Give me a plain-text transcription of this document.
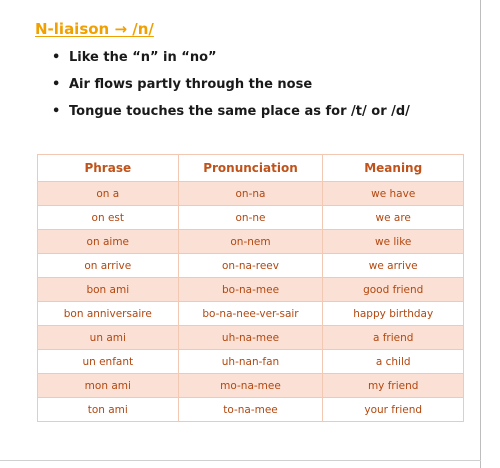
N-liaison → /n/
• Like the “n” in “no”
• Air flows partly through the nose
• Tongue touches the same place as for /t/ or /d/
Phrase	Pronunciation	Meaning
on a	on-na	we have
on est	on-ne	we are
on aime	on-nem	we like
on arrive	on-na-reev	we arrive
bon ami	bo-na-mee	good friend
bon anniversaire	bo-na-nee-ver-sair	happy birthday
un ami	uh-na-mee	a friend
un enfant	uh-nan-fan	a child
mon ami	mo-na-mee	my friend
ton ami	to-na-mee	your friend
